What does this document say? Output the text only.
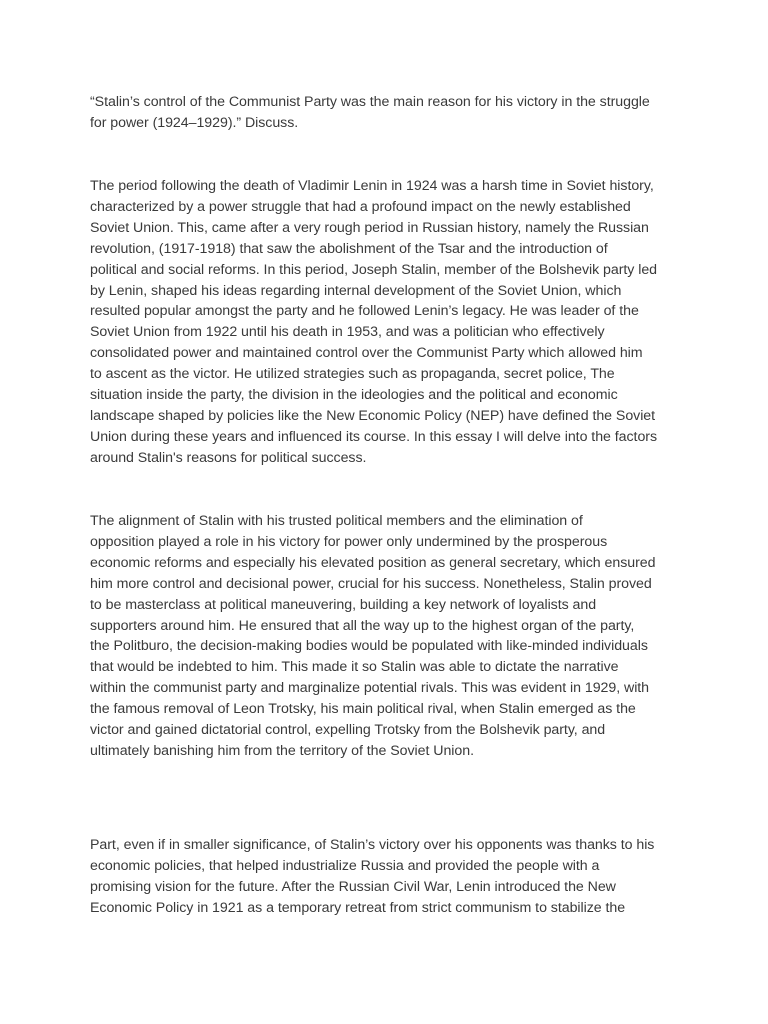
“Stalin’s control of the Communist Party was the main reason for his victory in the struggle
for power (1924–1929).” Discuss.

The period following the death of Vladimir Lenin in 1924 was a harsh time in Soviet history,
characterized by a power struggle that had a profound impact on the newly established
Soviet Union. This, came after a very rough period in Russian history, namely the Russian
revolution, (1917-1918) that saw the abolishment of the Tsar and the introduction of
political and social reforms. In this period, Joseph Stalin, member of the Bolshevik party led
by Lenin, shaped his ideas regarding internal development of the Soviet Union, which
resulted popular amongst the party and he followed Lenin’s legacy. He was leader of the
Soviet Union from 1922 until his death in 1953, and was a politician who effectively
consolidated power and maintained control over the Communist Party which allowed him
to ascent as the victor. He utilized strategies such as propaganda, secret police, The
situation inside the party, the division in the ideologies and the political and economic
landscape shaped by policies like the New Economic Policy (NEP) have defined the Soviet
Union during these years and influenced its course. In this essay I will delve into the factors
around Stalin's reasons for political success.

The alignment of Stalin with his trusted political members and the elimination of
opposition played a role in his victory for power only undermined by the prosperous
economic reforms and especially his elevated position as general secretary, which ensured
him more control and decisional power, crucial for his success. Nonetheless, Stalin proved
to be masterclass at political maneuvering, building a key network of loyalists and
supporters around him. He ensured that all the way up to the highest organ of the party,
the Politburo, the decision-making bodies would be populated with like-minded individuals
that would be indebted to him. This made it so Stalin was able to dictate the narrative
within the communist party and marginalize potential rivals. This was evident in 1929, with
the famous removal of Leon Trotsky, his main political rival, when Stalin emerged as the
victor and gained dictatorial control, expelling Trotsky from the Bolshevik party, and
ultimately banishing him from the territory of the Soviet Union.

Part, even if in smaller significance, of Stalin’s victory over his opponents was thanks to his
economic policies, that helped industrialize Russia and provided the people with a
promising vision for the future. After the Russian Civil War, Lenin introduced the New
Economic Policy in 1921 as a temporary retreat from strict communism to stabilize the
